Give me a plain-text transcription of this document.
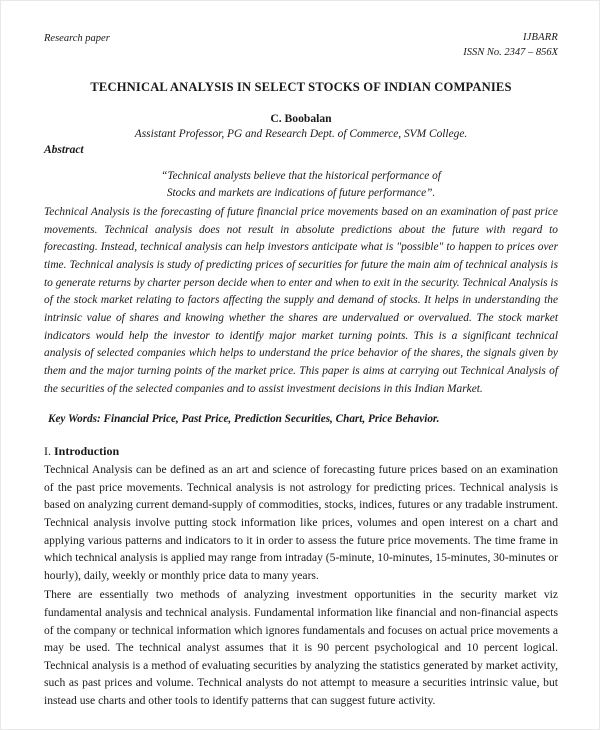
Research paper	IJBARR
ISSN No. 2347 – 856X
TECHNICAL ANALYSIS IN SELECT STOCKS OF INDIAN COMPANIES
C. Boobalan
Assistant Professor, PG and Research Dept. of Commerce, SVM College.
Abstract
“Technical analysts believe that the historical performance of
Stocks and markets are indications of future performance”.

Technical Analysis is the forecasting of future financial price movements based on an examination of past price movements. Technical analysis does not result in absolute predictions about the future with regard to forecasting. Instead, technical analysis can help investors anticipate what is "possible" to happen to prices over time. Technical analysis is study of predicting prices of securities for future the main aim of technical analysis is to generate returns by charter person decide when to enter and when to exit in the security. Technical Analysis is of the stock market relating to factors affecting the supply and demand of stocks. It helps in understanding the intrinsic value of shares and knowing whether the shares are undervalued or overvalued. The stock market indicators would help the investor to identify major market turning points. This is a significant technical analysis of selected companies which helps to understand the price behavior of the shares, the signals given by them and the major turning points of the market price. This paper is aims at carrying out Technical Analysis of the securities of the selected companies and to assist investment decisions in this Indian Market.

Key Words: Financial Price, Past Price, Prediction Securities, Chart, Price Behavior.
I. Introduction

Technical Analysis can be defined as an art and science of forecasting future prices based on an examination of the past price movements. Technical analysis is not astrology for predicting prices. Technical analysis is based on analyzing current demand-supply of commodities, stocks, indices, futures or any tradable instrument. Technical analysis involve putting stock information like prices, volumes and open interest on a chart and applying various patterns and indicators to it in order to assess the future price movements. The time frame in which technical analysis is applied may range from intraday (5-minute, 10-minutes, 15-minutes, 30-minutes or hourly), daily, weekly or monthly price data to many years.

There are essentially two methods of analyzing investment opportunities in the security market viz fundamental analysis and technical analysis. Fundamental information like financial and non-financial aspects of the company or technical information which ignores fundamentals and focuses on actual price movements a may be used. The technical analyst assumes that it is 90 percent psychological and 10 percent logical. Technical analysis is a method of evaluating securities by analyzing the statistics generated by market activity, such as past prices and volume. Technical analysts do not attempt to measure a securities intrinsic value, but instead use charts and other tools to identify patterns that can suggest future activity.
